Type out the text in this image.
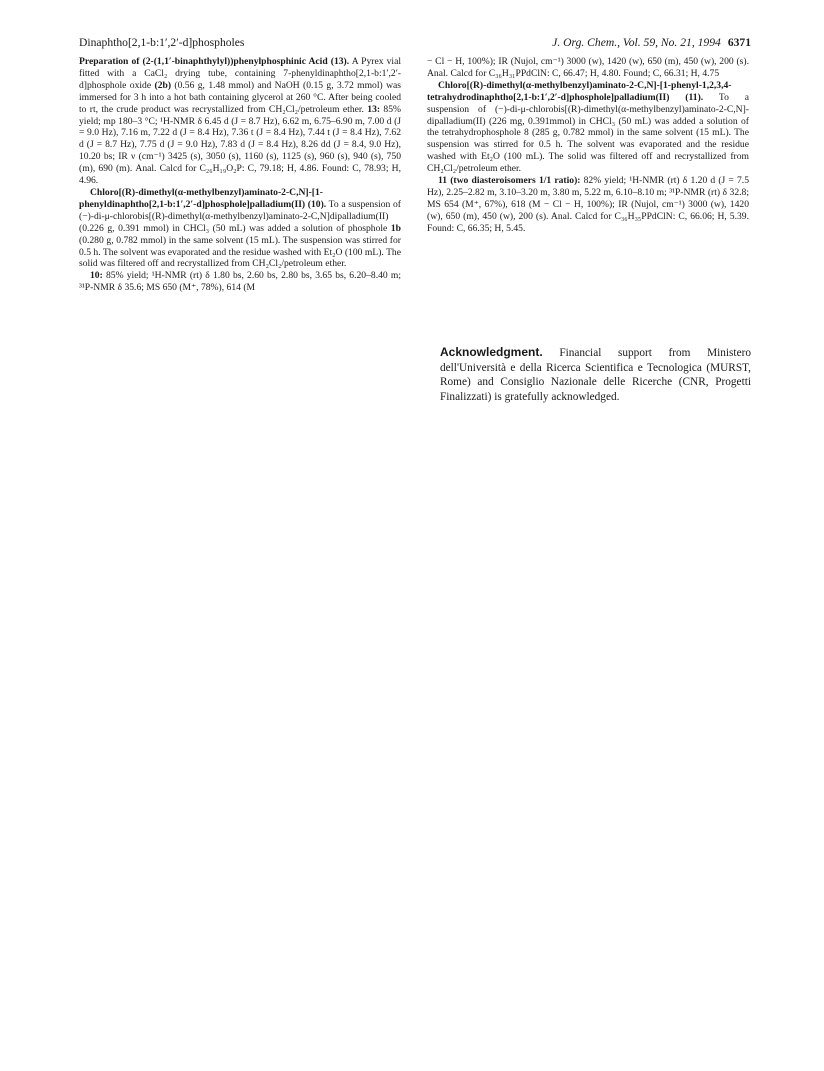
Dinaphtho[2,1-b:1′,2′-d]phospholes	J. Org. Chem., Vol. 59, No. 21, 1994 6371

Preparation of (2-(1,1′-binaphthylyl))phenylphosphinic Acid (13). A Pyrex vial fitted with a CaCl₂ drying tube, containing 7-phenyldinaphtho[2,1-b:1′,2′-d]phosphole oxide (2b) (0.56 g, 1.48 mmol) and NaOH (0.15 g, 3.72 mmol) was immersed for 3 h into a hot bath containing glycerol at 260 °C. After being cooled to rt, the crude product was recrystallized from CH₂Cl₂/petroleum ether. 13: 85% yield; mp 180–3 °C; ¹H-NMR δ 6.45 d (J = 8.7 Hz), 6.62 m, 6.75–6.90 m, 7.00 d (J = 9.0 Hz), 7.16 m, 7.22 d (J = 8.4 Hz), 7.36 t (J = 8.4 Hz), 7.44 t (J = 8.4 Hz), 7.62 d (J = 8.7 Hz), 7.75 d (J = 9.0 Hz), 7.83 d (J = 8.4 Hz), 8.26 dd (J = 8.4, 9.0 Hz), 10.20 bs; IR ν (cm⁻¹) 3425 (s), 3050 (s), 1160 (s), 1125 (s), 960 (s), 940 (s), 750 (m), 690 (m). Anal. Calcd for C₂₆H₁₉O₂P: C, 79.18; H, 4.86. Found: C, 78.93; H, 4.96.

Chloro[(R)-dimethyl(α-methylbenzyl)aminato-2-C,N]-[1-phenyldinaphtho[2,1-b:1′,2′-d]phosphole]palladium(II) (10). To a suspension of (−)-di-μ-chlorobis[(R)-dimethyl(α-methylbenzyl)aminato-2-C,N]dipalladium(II) (0.226 g, 0.391 mmol) in CHCl₃ (50 mL) was added a solution of phosphole 1b (0.280 g, 0.782 mmol) in the same solvent (15 mL). The suspension was stirred for 0.5 h. The solvent was evaporated and the residue washed with Et₂O (100 mL). The solid was filtered off and recrystallized from CH₂Cl₂/petroleum ether.

10: 85% yield; ¹H-NMR (rt) δ 1.80 bs, 2.60 bs, 2.80 bs, 3.65 bs, 6.20–8.40 m; ³¹P-NMR δ 35.6; MS 650 (M⁺, 78%), 614 (M

− Cl − H, 100%); IR (Nujol, cm⁻¹) 3000 (w), 1420 (w), 650 (m), 450 (w), 200 (s). Anal. Calcd for C₃₆H₃₁PPdClN: C, 66.47; H, 4.80. Found; C, 66.31; H, 4.75

Chloro[(R)-dimethyl(α-methylbenzyl)aminato-2-C,N]-[1-phenyl-1,2,3,4-tetrahydrodinaphtho[2,1-b:1′,2′-d]phosphole]palladium(II) (11). To a suspension of (−)-di-μ-chlorobis[(R)-dimethyl(α-methylbenzyl)aminato-2-C,N]-dipalladium(II) (226 mg, 0.391mmol) in CHCl₃ (50 mL) was added a solution of the tetrahydrophosphole 8 (285 g, 0.782 mmol) in the same solvent (15 mL). The suspension was stirred for 0.5 h. The solvent was evaporated and the residue washed with Et₂O (100 mL). The solid was filtered off and recrystallized from CH₂Cl₂/petroleum ether.

11 (two diasteroisomers 1/1 ratio): 82% yield; ¹H-NMR (rt) δ 1.20 d (J = 7.5 Hz), 2.25–2.82 m, 3.10–3.20 m, 3.80 m, 5.22 m, 6.10–8.10 m; ³¹P-NMR (rt) δ 32.8; MS 654 (M⁺, 67%), 618 (M − Cl − H, 100%); IR (Nujol, cm⁻¹) 3000 (w), 1420 (w), 650 (m), 450 (w), 200 (s). Anal. Calcd for C₃₆H₃₅PPdClN: C, 66.06; H, 5.39. Found: C, 66.35; H, 5.45.

Acknowledgment. Financial support from Ministero dell'Università e della Ricerca Scientifica e Tecnologica (MURST, Rome) and Consiglio Nazionale delle Ricerche (CNR, Progetti Finalizzati) is gratefully acknowledged.
